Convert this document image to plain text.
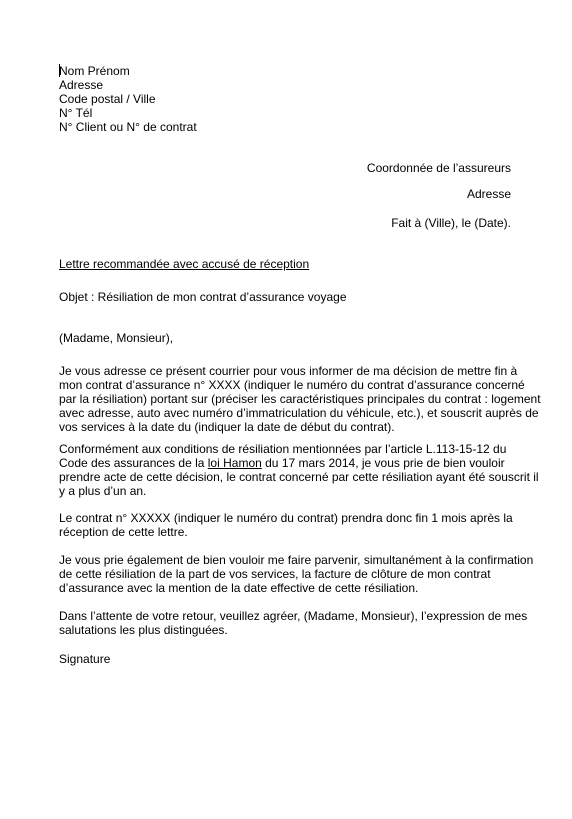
Nom Prénom
Adresse
Code postal / Ville
N° Tél
N° Client ou N° de contrat
Coordonnée de l’assureurs
Adresse
Fait à (Ville), le (Date).
Lettre recommandée avec accusé de réception
Objet : Résiliation de mon contrat d’assurance voyage
(Madame, Monsieur),
Je vous adresse ce présent courrier pour vous informer de ma décision de mettre fin à
mon contrat d’assurance n° XXXX (indiquer le numéro du contrat d’assurance concerné
par la résiliation) portant sur (préciser les caractéristiques principales du contrat : logement
avec adresse, auto avec numéro d’immatriculation du véhicule, etc.), et souscrit auprès de
vos services à la date du (indiquer la date de début du contrat).
Conformément aux conditions de résiliation mentionnées par l’article L.113-15-12 du
Code des assurances de la loi Hamon du 17 mars 2014, je vous prie de bien vouloir
prendre acte de cette décision, le contrat concerné par cette résiliation ayant été souscrit il
y a plus d’un an.
Le contrat n° XXXXX (indiquer le numéro du contrat) prendra donc fin 1 mois après la
réception de cette lettre.
Je vous prie également de bien vouloir me faire parvenir, simultanément à la confirmation
de cette résiliation de la part de vos services, la facture de clôture de mon contrat
d’assurance avec la mention de la date effective de cette résiliation.
Dans l’attente de votre retour, veuillez agréer, (Madame, Monsieur), l’expression de mes
salutations les plus distinguées.
Signature
